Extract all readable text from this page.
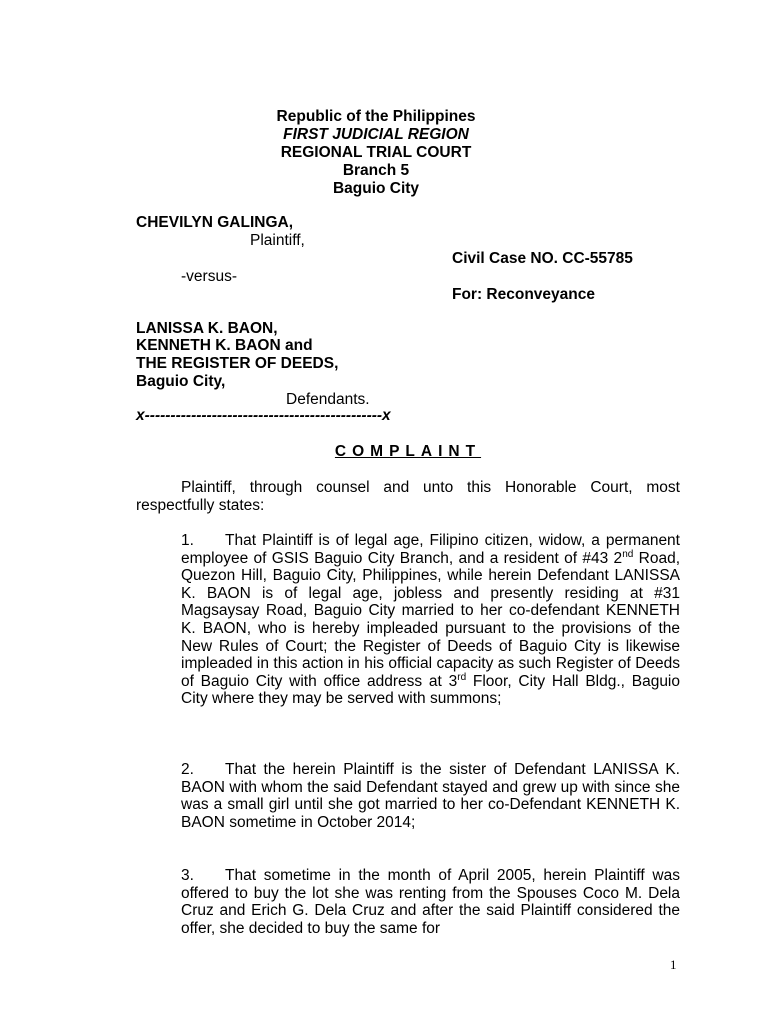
Republic of the Philippines
FIRST JUDICIAL REGION
REGIONAL TRIAL COURT
Branch 5
Baguio City
CHEVILYN GALINGA,
Plaintiff,
Civil Case NO. CC-55785
-versus-
For: Reconveyance
LANISSA K. BAON,
KENNETH K. BAON and
THE REGISTER OF DEEDS,
Baguio City,
Defendants.
x----------------------------------------------x
COMPLAINT
Plaintiff, through counsel and unto this Honorable Court, most respectfully states:
1. That Plaintiff is of legal age, Filipino citizen, widow, a permanent employee of GSIS Baguio City Branch, and a resident of #43 2nd Road, Quezon Hill, Baguio City, Philippines, while herein Defendant LANISSA K. BAON is of legal age, jobless and presently residing at #31 Magsaysay Road, Baguio City married to her co-defendant KENNETH K. BAON, who is hereby impleaded pursuant to the provisions of the New Rules of Court; the Register of Deeds of Baguio City is likewise impleaded in this action in his official capacity as such Register of Deeds of Baguio City with office address at 3rd Floor, City Hall Bldg., Baguio City where they may be served with summons;
2. That the herein Plaintiff is the sister of Defendant LANISSA K. BAON with whom the said Defendant stayed and grew up with since she was a small girl until she got married to her co-Defendant KENNETH K. BAON sometime in October 2014;
3. That sometime in the month of April 2005, herein Plaintiff was offered to buy the lot she was renting from the Spouses Coco M. Dela Cruz and Erich G. Dela Cruz and after the said Plaintiff considered the offer, she decided to buy the same for
1
